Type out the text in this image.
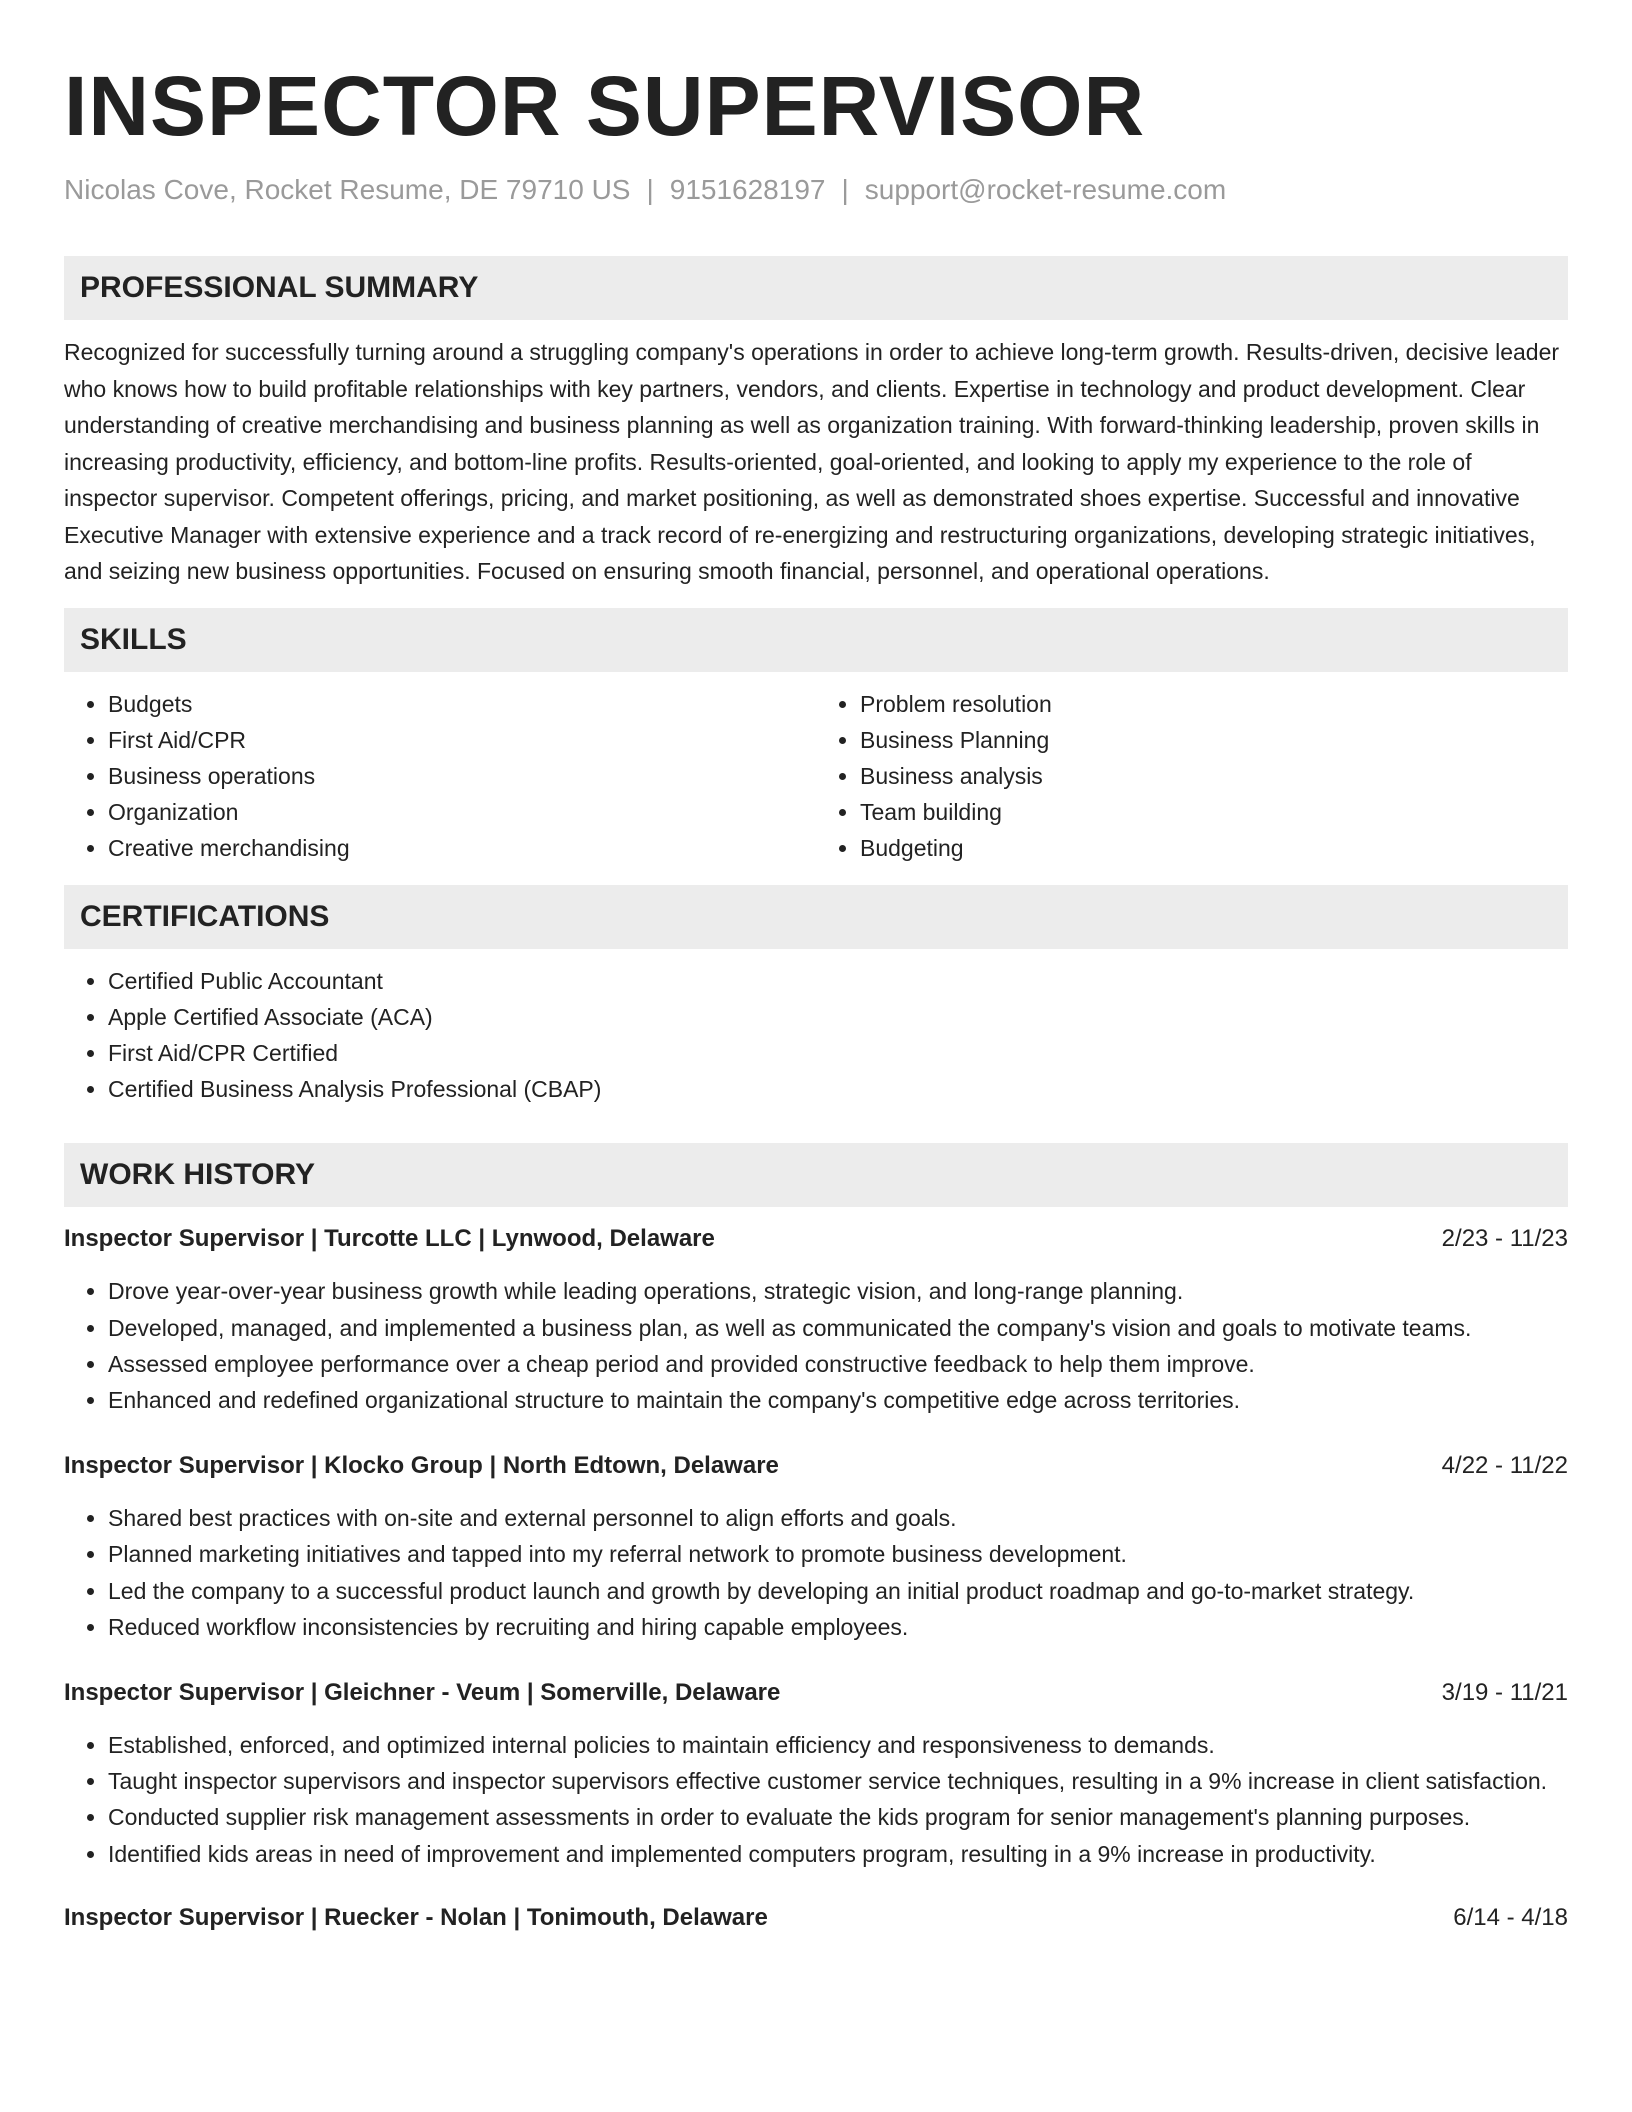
INSPECTOR SUPERVISOR
Nicolas Cove, Rocket Resume, DE 79710 US | 9151628197 | support@rocket-resume.com
PROFESSIONAL SUMMARY
Recognized for successfully turning around a struggling company's operations in order to achieve long-term growth. Results-driven, decisive leader who knows how to build profitable relationships with key partners, vendors, and clients. Expertise in technology and product development. Clear understanding of creative merchandising and business planning as well as organization training. With forward-thinking leadership, proven skills in increasing productivity, efficiency, and bottom-line profits. Results-oriented, goal-oriented, and looking to apply my experience to the role of inspector supervisor. Competent offerings, pricing, and market positioning, as well as demonstrated shoes expertise. Successful and innovative Executive Manager with extensive experience and a track record of re-energizing and restructuring organizations, developing strategic initiatives, and seizing new business opportunities. Focused on ensuring smooth financial, personnel, and operational operations.
SKILLS
• Budgets
• First Aid/CPR
• Business operations
• Organization
• Creative merchandising
• Problem resolution
• Business Planning
• Business analysis
• Team building
• Budgeting
CERTIFICATIONS
• Certified Public Accountant
• Apple Certified Associate (ACA)
• First Aid/CPR Certified
• Certified Business Analysis Professional (CBAP)
WORK HISTORY
Inspector Supervisor | Turcotte LLC | Lynwood, Delaware	2/23 - 11/23
• Drove year-over-year business growth while leading operations, strategic vision, and long-range planning.
• Developed, managed, and implemented a business plan, as well as communicated the company's vision and goals to motivate teams.
• Assessed employee performance over a cheap period and provided constructive feedback to help them improve.
• Enhanced and redefined organizational structure to maintain the company's competitive edge across territories.
Inspector Supervisor | Klocko Group | North Edtown, Delaware	4/22 - 11/22
• Shared best practices with on-site and external personnel to align efforts and goals.
• Planned marketing initiatives and tapped into my referral network to promote business development.
• Led the company to a successful product launch and growth by developing an initial product roadmap and go-to-market strategy.
• Reduced workflow inconsistencies by recruiting and hiring capable employees.
Inspector Supervisor | Gleichner - Veum | Somerville, Delaware	3/19 - 11/21
• Established, enforced, and optimized internal policies to maintain efficiency and responsiveness to demands.
• Taught inspector supervisors and inspector supervisors effective customer service techniques, resulting in a 9% increase in client satisfaction.
• Conducted supplier risk management assessments in order to evaluate the kids program for senior management's planning purposes.
• Identified kids areas in need of improvement and implemented computers program, resulting in a 9% increase in productivity.
Inspector Supervisor | Ruecker - Nolan | Tonimouth, Delaware	6/14 - 4/18
